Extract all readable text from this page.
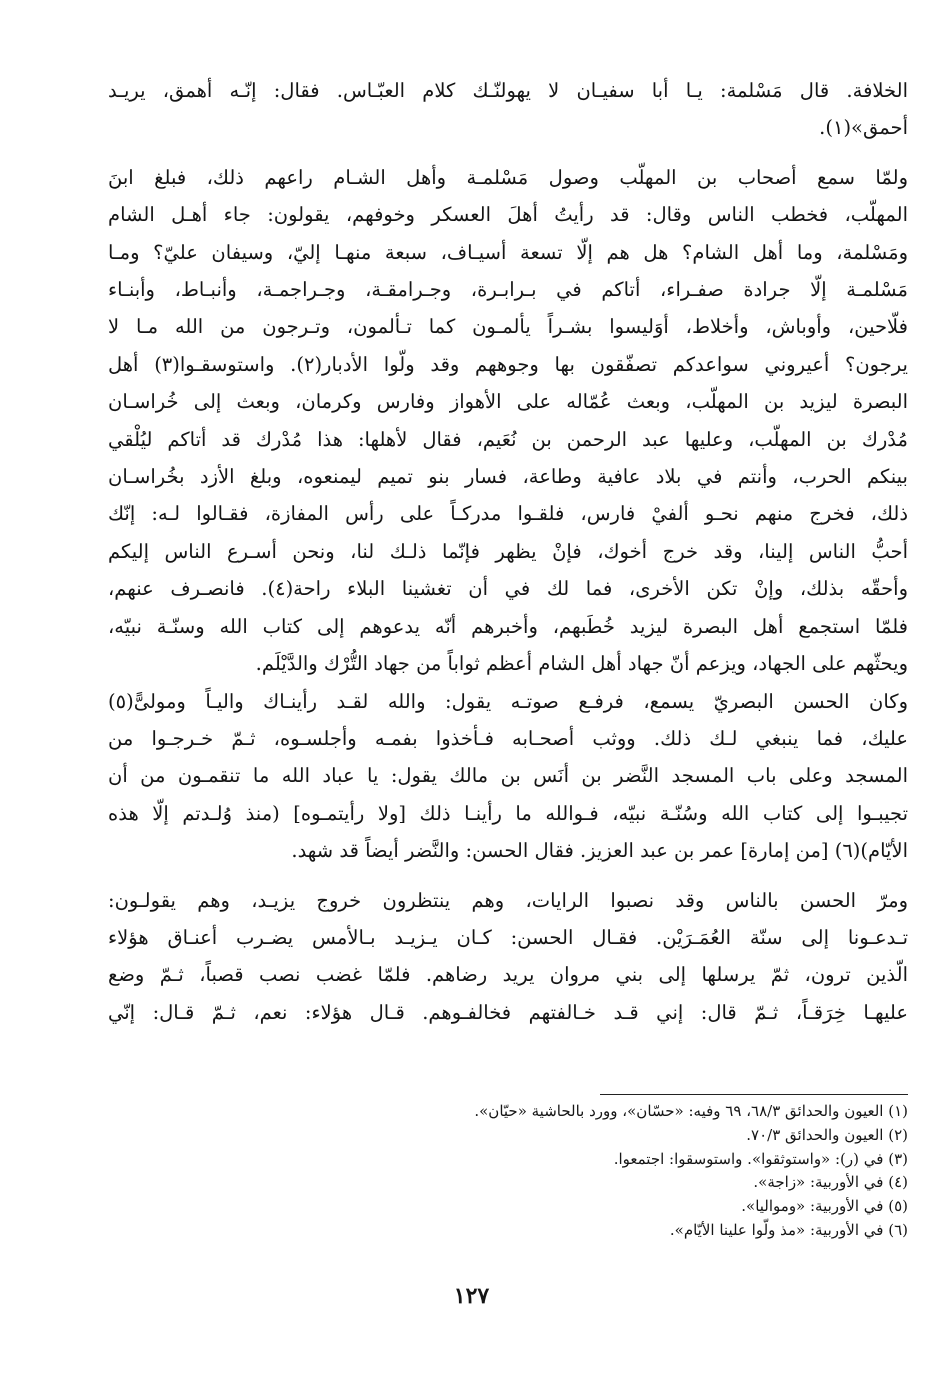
الخلافة. قال مَسْلمة: يـا أبا سفيـان لا يهولنّـك كلام العبّـاس. فقال: إنّـه أهمق، يريـد
أحمق»(١).

ولمّا سمع أصحاب بن المهلّب وصول مَسْلمـة وأهل الشـام راعهم ذلك، فبلغ ابنَ
المهلّب، فخطب الناس وقال: قد رأيتُ أهلَ العسكر وخوفهم، يقولون: جاء أهـل الشام
ومَسْلمة، وما أهل الشام؟ هل هم إلّا تسعة أسيـاف، سبعة منهـا إليّ، وسيفان عليّ؟ ومـا
مَسْلمـة إلّا جرادة صفـراء، أتاكم في بـرابـرة، وجـرامقـة، وجـراجمـة، وأنبـاط، وأبنـاء
فلّاحين، وأوباش، وأخلاط، أوَليسوا بشـراً يألمـون كما تـألمون، وتـرجون من الله مـا لا
يرجون؟ أعيروني سواعدكم تصفّقون بها وجوههم وقد ولّوا الأدبار(٢). واستوسقـوا(٣) أهل
البصرة ليزيد بن المهلّب، وبعث عُمّاله على الأهواز وفارس وكرمان، وبعث إلى خُراسـان
مُدْرك بن المهلّب، وعليها عبد الرحمن بن نُعَيم، فقال لأهلها: هذا مُدْرك قد أتاكم ليُلْقي
بينكم الحرب، وأنتم في بلاد عافية وطاعة، فسار بنو تميم ليمنعوه، وبلغ الأزد بخُراسـان
ذلك، فخرج منهم نحـو ألفيْ فارس، فلقـوا مدركـاً على رأس المفازة، فقـالوا لـه: إنّك
أحبُّ الناس إلينا، وقد خرج أخوك، فإنْ يظهر فإنّما ذلـك لنا، ونحن أسـرع الناس إليكم
وأحقّه بذلك، وإنْ تكن الأخرى، فما لك في أن تغشينا البلاء راحة(٤). فانصـرف عنهم،
فلمّا استجمع أهل البصرة ليزيد خُطَبهم، وأخبرهم أنّه يدعوهم إلى كتاب الله وسنّـة نبيّه،
ويحثّهم على الجهاد، ويزعم أنّ جهاد أهل الشام أعظم ثواباً من جهاد التُّرْك والدَّيْلَم.

وكان الحسن البصريّ يسمع، فرفـع صوتـه يقول: والله لقـد رأينـاك واليـاً ومولىًّ(٥)
عليك، فما ينبغي لـك ذلك. ووثب أصحـابه فـأخذوا بفمـه وأجلسـوه، ثـمّ خـرجـوا من
المسجد وعلى باب المسجد النَّضر بن أنَس بن مالك يقول: يا عباد الله ما تنقمـون من أن
تجيبـوا إلى كتاب الله وسُنّـة نبيّه، فـوالله ما رأينـا ذلك [ولا رأيتمـوه] (منذ وُلـدتم إلّا هذه
الأيّام)(٦) [من إمارة] عمر بن عبد العزيز. فقال الحسن: والنَّضر أيضاً قد شهد.

ومرّ الحسن بالناس وقد نصبوا الرايات، وهم ينتظرون خروج يزيـد، وهم يقولـون:
تـدعـونا إلى سنّة العُمَـرَيْن. فقـال الحسن: كـان يـزيـد بـالأمس يضـرب أعنـاق هؤلاء
الّذين ترون، ثمّ يرسلها إلى بني مروان يريد رضاهم. فلمّا غضب نصب قصباً، ثـمّ وضع
عليهـا خِرَقـاً، ثـمّ قال: إني قـد خـالفتهم فخالفـوهم. قـال هؤلاء: نعم، ثـمّ قـال: إنّي

(١) العيون والحدائق ٦٨/٣، ٦٩ وفيه: «حسّان»، وورد بالحاشية «حيّان».
(٢) العيون والحدائق ٧٠/٣.
(٣) في (ر): «واستوثقوا». واستوسقوا: اجتمعوا.
(٤) في الأوربية: «زاجة».
(٥) في الأوربية: «ومواليا».
(٦) في الأوربية: «مذ ولّوا علينا الأيّام».
١٢٧
